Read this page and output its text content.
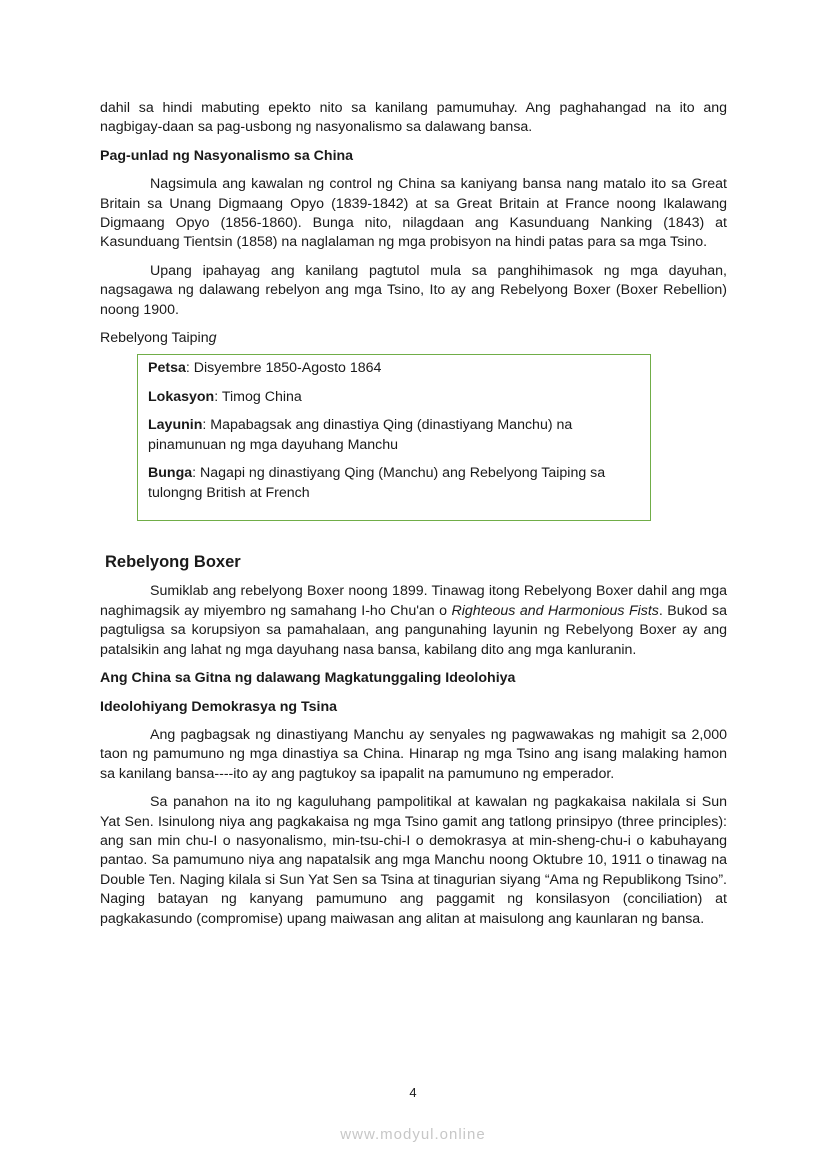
dahil sa hindi mabuting epekto nito sa kanilang pamumuhay. Ang paghahangad na ito ang nagbigay-daan sa pag-usbong ng nasyonalismo sa dalawang bansa.

Pag-unlad ng Nasyonalismo sa China

Nagsimula ang kawalan ng control ng China sa kaniyang bansa nang matalo ito sa Great Britain sa Unang Digmaang Opyo (1839-1842) at sa Great Britain at France noong Ikalawang Digmaang Opyo (1856-1860). Bunga nito, nilagdaan ang Kasunduang Nanking (1843) at Kasunduang Tientsin (1858) na naglalaman ng mga probisyon na hindi patas para sa mga Tsino.

Upang ipahayag ang kanilang pagtutol mula sa panghihimasok ng mga dayuhan, nagsagawa ng dalawang rebelyon ang mga Tsino, Ito ay ang Rebelyong Boxer (Boxer Rebellion) noong 1900.

Rebelyong Taiping

Petsa: Disyembre 1850-Agosto 1864

Lokasyon: Timog China

Layunin: Mapabagsak ang dinastiya Qing (dinastiyang Manchu) na pinamunuan ng mga dayuhang Manchu

Bunga: Nagapi ng dinastiyang Qing (Manchu) ang Rebelyong Taiping sa tulongng British at French

Rebelyong Boxer

Sumiklab ang rebelyong Boxer noong 1899. Tinawag itong Rebelyong Boxer dahil ang mga naghimagsik ay miyembro ng samahang I-ho Chu'an o Righteous and Harmonious Fists. Bukod sa pagtuligsa sa korupsiyon sa pamahalaan, ang pangunahing layunin ng Rebelyong Boxer ay ang patalsikin ang lahat ng mga dayuhang nasa bansa, kabilang dito ang mga kanluranin.

Ang China sa Gitna ng dalawang Magkatunggaling Ideolohiya
Ideolohiyang Demokrasya ng Tsina

Ang pagbagsak ng dinastiyang Manchu ay senyales ng pagwawakas ng mahigit sa 2,000 taon ng pamumuno ng mga dinastiya sa China. Hinarap ng mga Tsino ang isang malaking hamon sa kanilang bansa----ito ay ang pagtukoy sa ipapalit na pamumuno ng emperador.

Sa panahon na ito ng kaguluhang pampolitikal at kawalan ng pagkakaisa nakilala si Sun Yat Sen. Isinulong niya ang pagkakaisa ng mga Tsino gamit ang tatlong prinsipyo (three principles): ang san min chu-I o nasyonalismo, min-tsu-chi-I o demokrasya at min-sheng-chu-i o kabuhayang pantao. Sa pamumuno niya ang napatalsik ang mga Manchu noong Oktubre 10, 1911 o tinawag na Double Ten. Naging kilala si Sun Yat Sen sa Tsina at tinagurian siyang “Ama ng Republikong Tsino”. Naging batayan ng kanyang pamumuno ang paggamit ng konsilasyon (conciliation) at pagkakasundo (compromise) upang maiwasan ang alitan at maisulong ang kaunlaran ng bansa.

4
www.modyul.online
